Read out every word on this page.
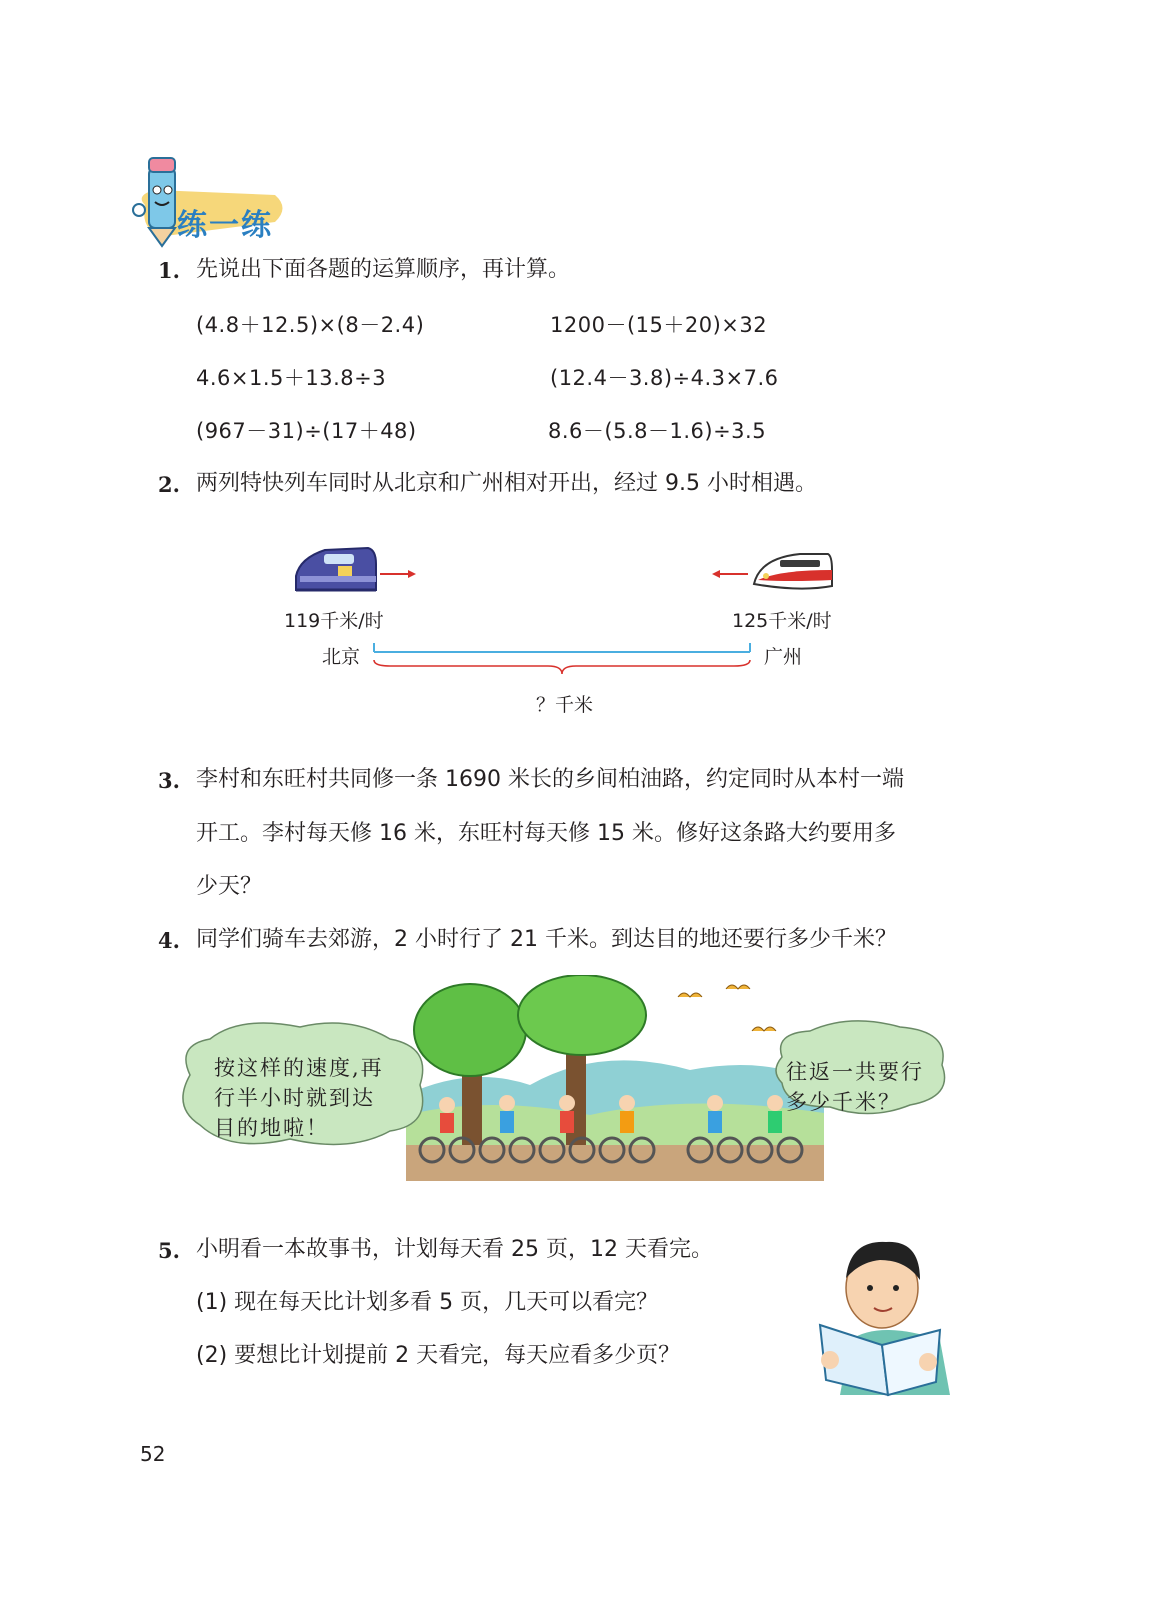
练一练
1. 先说出下面各题的运算顺序，再计算。
(4.8＋12.5)×(8－2.4)	1200－(15＋20)×32
4.6×1.5＋13.8÷3	(12.4－3.8)÷4.3×7.6
(967－31)÷(17＋48)	8.6－(5.8－1.6)÷3.5
2. 两列特快列车同时从北京和广州相对开出，经过 9.5 小时相遇。
119千米/时	125千米/时
北京	广州
？千米
3. 李村和东旺村共同修一条 1690 米长的乡间柏油路，约定同时从本村一端
开工。李村每天修 16 米，东旺村每天修 15 米。修好这条路大约要用多
少天？
4. 同学们骑车去郊游，2 小时行了 21 千米。到达目的地还要行多少千米？
按这样的速度,再
行半小时就到达
目的地啦！
往返一共要行
多少千米？
5. 小明看一本故事书，计划每天看 25 页，12 天看完。
(1) 现在每天比计划多看 5 页，几天可以看完？
(2) 要想比计划提前 2 天看完，每天应看多少页？
52
